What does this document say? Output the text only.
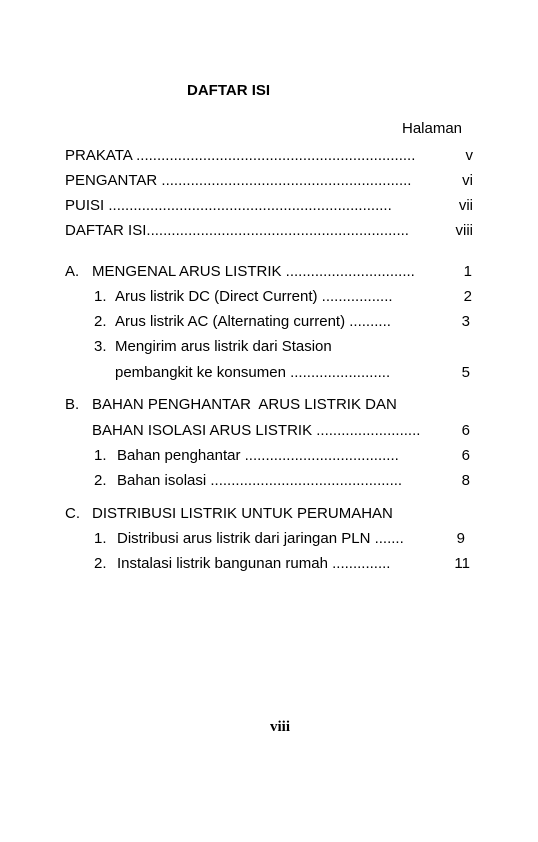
DAFTAR ISI
Halaman
PRAKATA ...................................................................	v
PENGANTAR ............................................................	vi
PUISI ....................................................................	vii
DAFTAR ISI...............................................................	viii
A. MENGENAL ARUS LISTRIK ...............................	1
1. Arus listrik DC (Direct Current) .................	2
2. Arus listrik AC (Alternating current) ..........	3
3. Mengirim arus listrik dari Stasion
pembangkit ke konsumen ........................	5
B. BAHAN PENGHANTAR  ARUS LISTRIK DAN
BAHAN ISOLASI ARUS LISTRIK .........................	6
1. Bahan penghantar .....................................	6
2. Bahan isolasi ..............................................	8
C. DISTRIBUSI LISTRIK UNTUK PERUMAHAN
1. Distribusi arus listrik dari jaringan PLN .......	9
2. Instalasi listrik bangunan rumah ..............	11
viii
